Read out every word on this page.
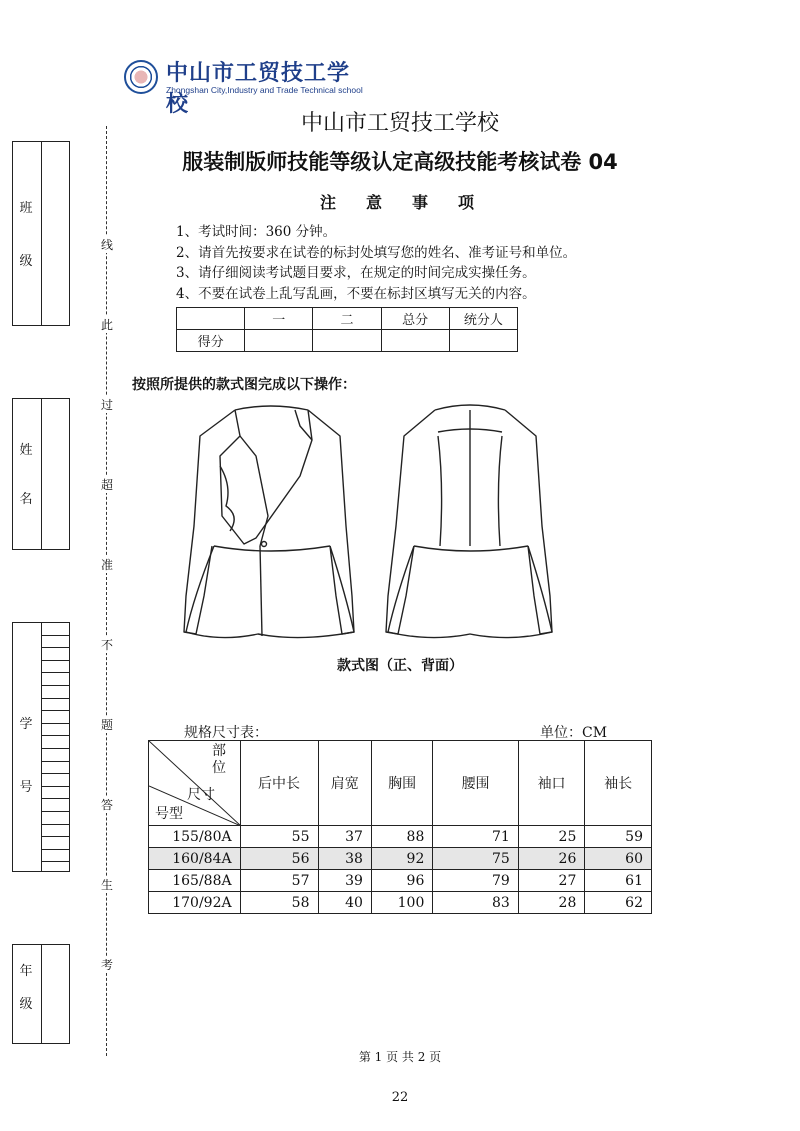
班
级
姓
名
学
号
年
级
线
此
过
超
准
不
题
答
生
考
中山市工贸技工学校
Zhongshan City,Industry and Trade Technical school
中山市工贸技工学校
服装制版师技能等级认定高级技能考核试卷 04
注意事项
1、考试时间：360 分钟。
2、请首先按要求在试卷的标封处填写您的姓名、准考证号和单位。
3、请仔细阅读考试题目要求，在规定的时间完成实操任务。
4、不要在试卷上乱写乱画，不要在标封区填写无关的内容。
	一	二	总分	统分人
得分				
按照所提供的款式图完成以下操作：
款式图（正、背面）
规格尺寸表：	单位：CM
部位
尺寸
号型	后中长	肩宽	胸围	腰围	袖口	袖长
155/80A	55	37	88	71	25	59
160/84A	56	38	92	75	26	60
165/88A	57	39	96	79	27	61
170/92A	58	40	100	83	28	62
第 1 页 共 2 页
22
